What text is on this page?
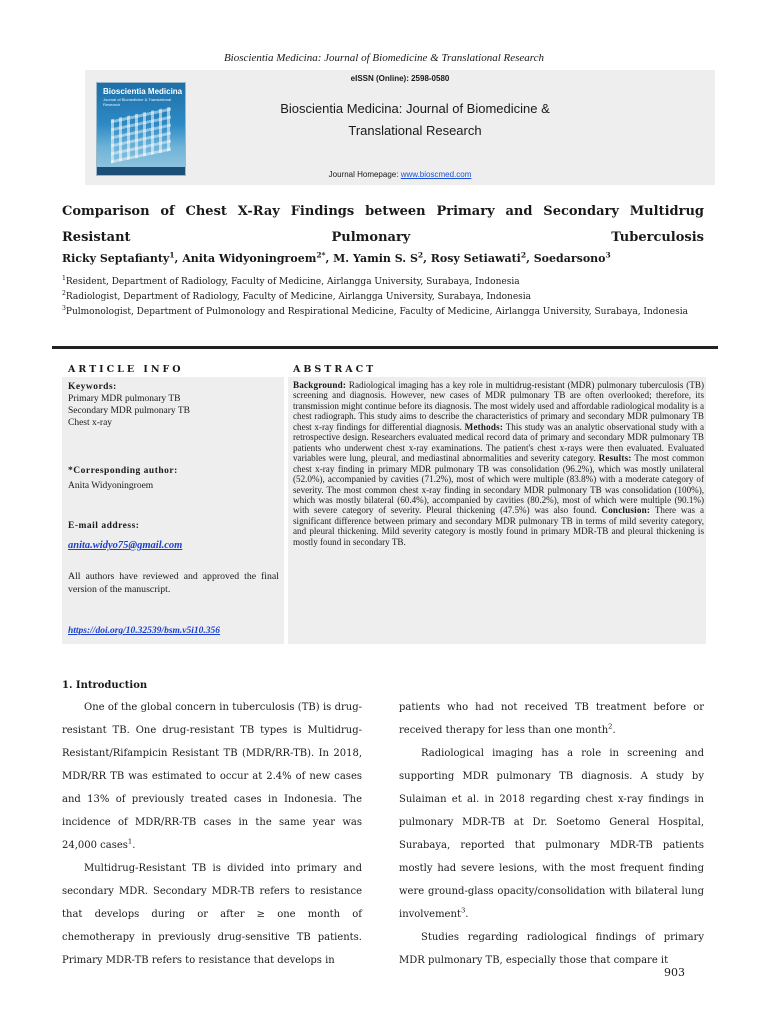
Bioscientia Medicina: Journal of Biomedicine & Translational Research
Bioscientia Medicina
Journal of Biomedicine & Translational Research
eISSN (Online): 2598-0580
Bioscientia Medicina: Journal of Biomedicine &
Translational Research
Journal Homepage: www.bioscmed.com
Comparison of Chest X-Ray Findings between Primary and Secondary Multidrug Resistant Pulmonary Tuberculosis
Ricky Septafianty$^1$, Anita Widyoningroem$^{2*}$, M. Yamin S. $S^2$, Rosy Setiawati$^2$, Soedarsono$^3$
$^1$Resident, Department of Radiology, Faculty of Medicine, Airlangga University, Surabaya, Indonesia
$^2$Radiologist, Department of Radiology, Faculty of Medicine, Airlangga University, Surabaya, Indonesia
$^3$Pulmonologist, Department of Pulmonology and Respirational Medicine, Faculty of Medicine, Airlangga University, Surabaya, Indonesia
ARTICLE INFO	ABSTRACT
Keywords:
Primary MDR pulmonary TB
Secondary MDR pulmonary TB
Chest x-ray
*Corresponding author:
Anita Widyoningroem
E-mail address:
anita.widyo75@gmail.com
All authors have reviewed and approved the final version of the manuscript.
https://doi.org/10.32539/bsm.v5i10.356
Background: Radiological imaging has a key role in multidrug-resistant (MDR) pulmonary tuberculosis (TB) screening and diagnosis. However, new cases of MDR pulmonary TB are often overlooked; therefore, its transmission might continue before its diagnosis. The most widely used and affordable radiological modality is a chest radiograph. This study aims to describe the characteristics of primary and secondary MDR pulmonary TB chest x-ray findings for differential diagnosis. Methods: This study was an analytic observational study with a retrospective design. Researchers evaluated medical record data of primary and secondary MDR pulmonary TB patients who underwent chest x-ray examinations. The patient's chest x-rays were then evaluated. Evaluated variables were lung, pleural, and mediastinal abnormalities and severity category. Results: The most common chest x-ray finding in primary MDR pulmonary TB was consolidation (96.2%), which was mostly unilateral (52.0%), accompanied by cavities (71.2%), most of which were multiple (83.8%) with a moderate category of severity. The most common chest x-ray finding in secondary MDR pulmonary TB was consolidation (100%), which was mostly bilateral (60.4%), accompanied by cavities (80.2%), most of which were multiple (90.1%) with severe category of severity. Pleural thickening (47.5%) was also found. Conclusion: There was a significant difference between primary and secondary MDR pulmonary TB in terms of mild severity category, and pleural thickening. Mild severity category is mostly found in primary MDR-TB and pleural thickening is mostly found in secondary TB.
1. Introduction

One of the global concern in tuberculosis (TB) is drug-resistant TB. One drug-resistant TB types is Multidrug-Resistant/Rifampicin Resistant TB (MDR/RR-TB). In 2018, MDR/RR TB was estimated to occur at 2.4% of new cases and 13% of previously treated cases in Indonesia. The incidence of MDR/RR-TB cases in the same year was 24,000 cases$^1$.

Multidrug-Resistant TB is divided into primary and secondary MDR. Secondary MDR-TB refers to resistance that develops during or after ≥ one month of chemotherapy in previously drug-sensitive TB patients. Primary MDR-TB refers to resistance that develops in

patients who had not received TB treatment before or received therapy for less than one month$^2$.

Radiological imaging has a role in screening and supporting MDR pulmonary TB diagnosis. A study by Sulaiman et al. in 2018 regarding chest x-ray findings in pulmonary MDR-TB at Dr. Soetomo General Hospital, Surabaya, reported that pulmonary MDR-TB patients mostly had severe lesions, with the most frequent finding were ground-glass opacity/consolidation with bilateral lung involvement$^3$.

Studies regarding radiological findings of primary MDR pulmonary TB, especially those that compare it

903
